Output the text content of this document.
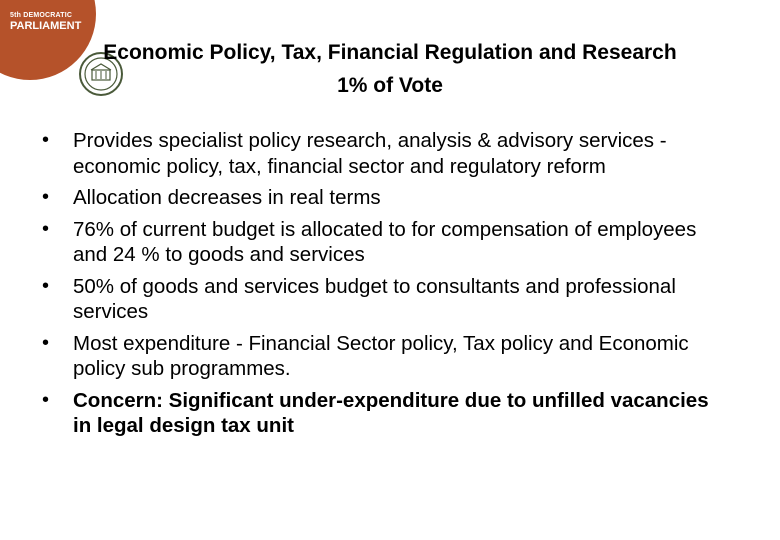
5th DEMOCRATIC
PARLIAMENT
Economic Policy, Tax, Financial Regulation and Research
1% of Vote
• Provides specialist policy research, analysis & advisory services - economic policy, tax, financial sector and regulatory reform
• Allocation decreases in real terms
• 76% of current budget is allocated to for compensation of employees and 24 % to goods and services
• 50% of goods and services budget to consultants and professional services
• Most expenditure - Financial Sector policy, Tax policy and Economic policy sub programmes.
• Concern: Significant under-expenditure due to unfilled vacancies in legal design tax unit
